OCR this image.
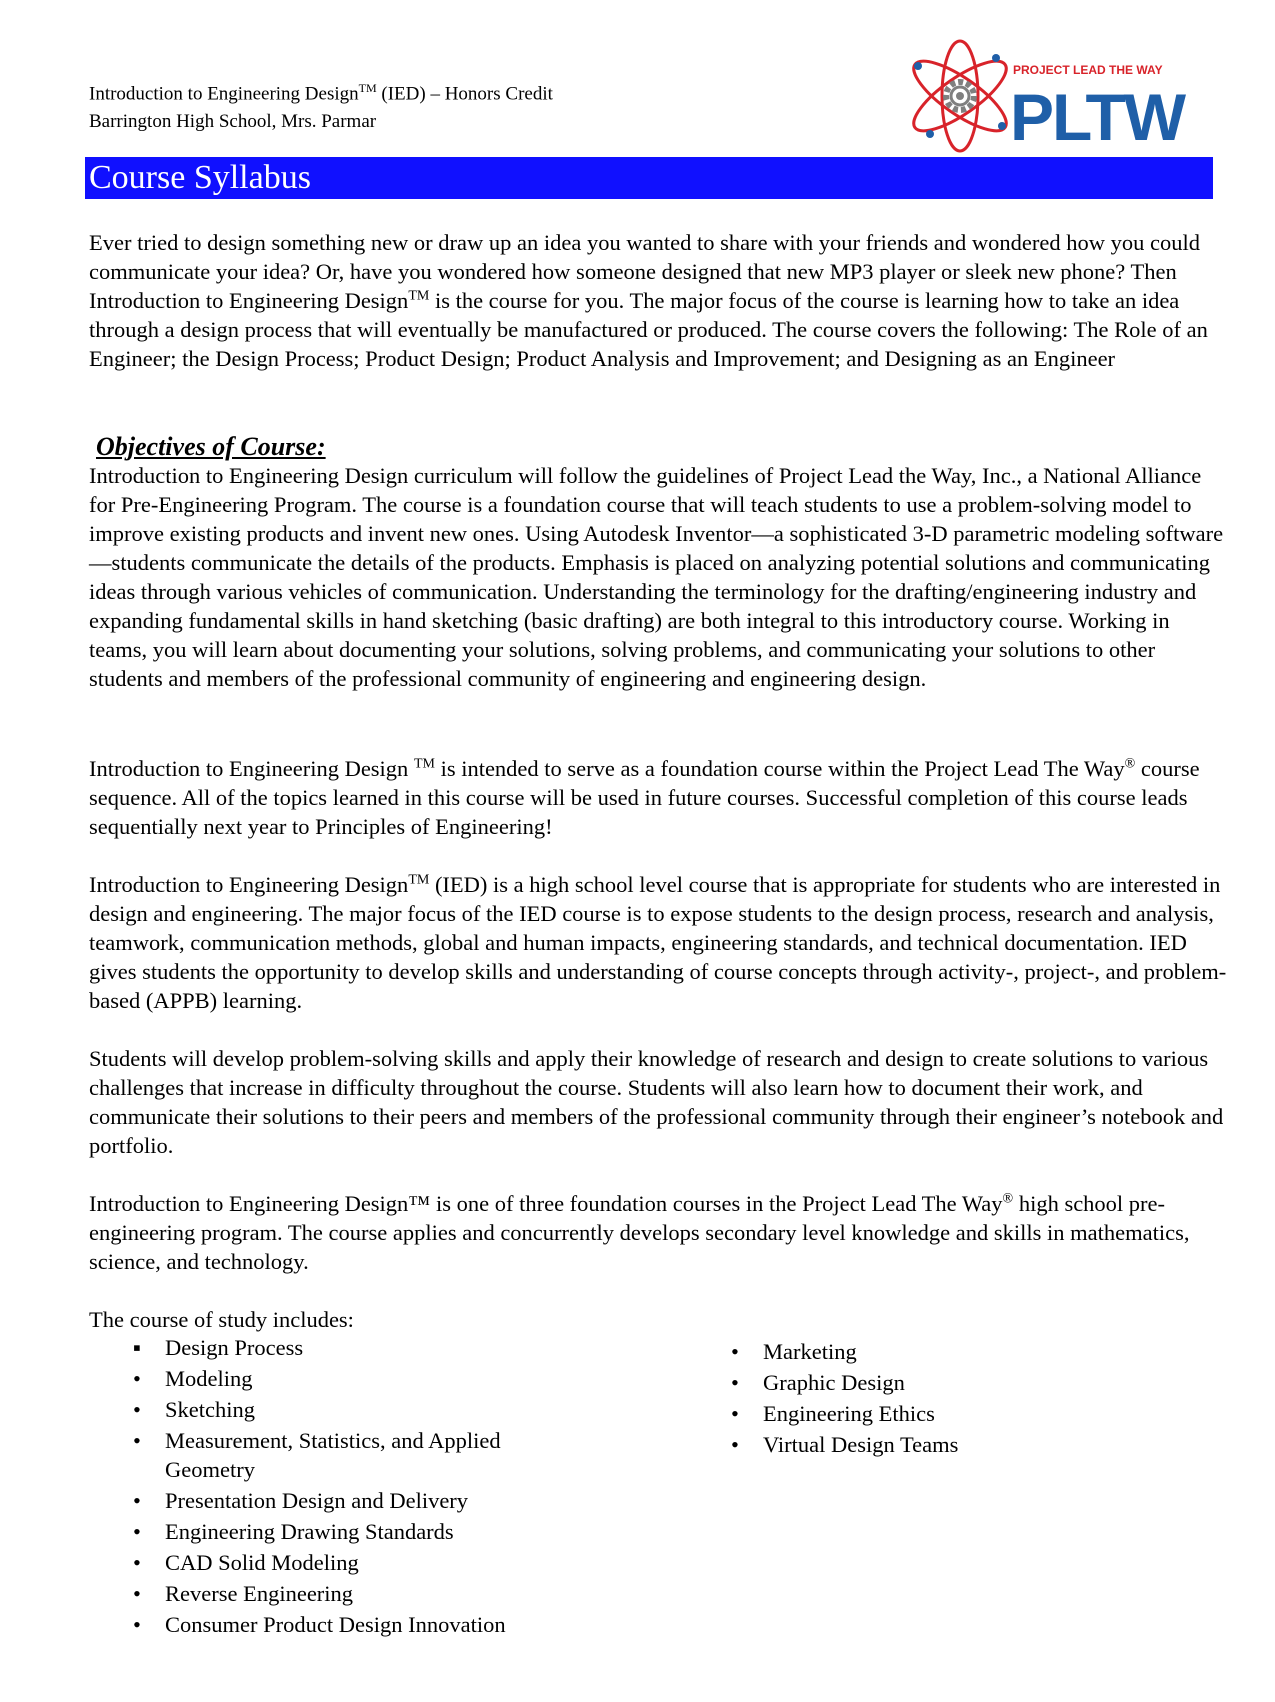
Introduction to Engineering Design™ (IED) – Honors Credit
Barrington High School, Mrs. Parmar
PROJECT LEAD THE WAY
PLTW
Course Syllabus

Ever tried to design something new or draw up an idea you wanted to share with your friends and wondered how you could communicate your idea? Or, have you wondered how someone designed that new MP3 player or sleek new phone? Then Introduction to Engineering Design™ is the course for you. The major focus of the course is learning how to take an idea through a design process that will eventually be manufactured or produced. The course covers the following: The Role of an Engineer; the Design Process; Product Design; Product Analysis and Improvement; and Designing as an Engineer

Objectives of Course:

Introduction to Engineering Design curriculum will follow the guidelines of Project Lead the Way, Inc., a National Alliance for Pre-Engineering Program. The course is a foundation course that will teach students to use a problem-solving model to improve existing products and invent new ones. Using Autodesk Inventor—a sophisticated 3-D parametric modeling software—students communicate the details of the products. Emphasis is placed on analyzing potential solutions and communicating ideas through various vehicles of communication. Understanding the terminology for the drafting/engineering industry and expanding fundamental skills in hand sketching (basic drafting) are both integral to this introductory course. Working in teams, you will learn about documenting your solutions, solving problems, and communicating your solutions to other students and members of the professional community of engineering and engineering design.

Introduction to Engineering Design ™ is intended to serve as a foundation course within the Project Lead The Way® course sequence. All of the topics learned in this course will be used in future courses. Successful completion of this course leads sequentially next year to Principles of Engineering!

Introduction to Engineering Design™ (IED) is a high school level course that is appropriate for students who are interested in design and engineering. The major focus of the IED course is to expose students to the design process, research and analysis, teamwork, communication methods, global and human impacts, engineering standards, and technical documentation. IED gives students the opportunity to develop skills and understanding of course concepts through activity-, project-, and problem-based (APPB) learning.

Students will develop problem-solving skills and apply their knowledge of research and design to create solutions to various challenges that increase in difficulty throughout the course. Students will also learn how to document their work, and communicate their solutions to their peers and members of the professional community through their engineer’s notebook and portfolio.

Introduction to Engineering Design™ is one of three foundation courses in the Project Lead The Way® high school pre-engineering program. The course applies and concurrently develops secondary level knowledge and skills in mathematics, science, and technology.

The course of study includes:

▪ Design Process
• Modeling
• Sketching
• Measurement, Statistics, and Applied Geometry
• Presentation Design and Delivery
• Engineering Drawing Standards
• CAD Solid Modeling
• Reverse Engineering
• Consumer Product Design Innovation
• Marketing
• Graphic Design
• Engineering Ethics
• Virtual Design Teams
